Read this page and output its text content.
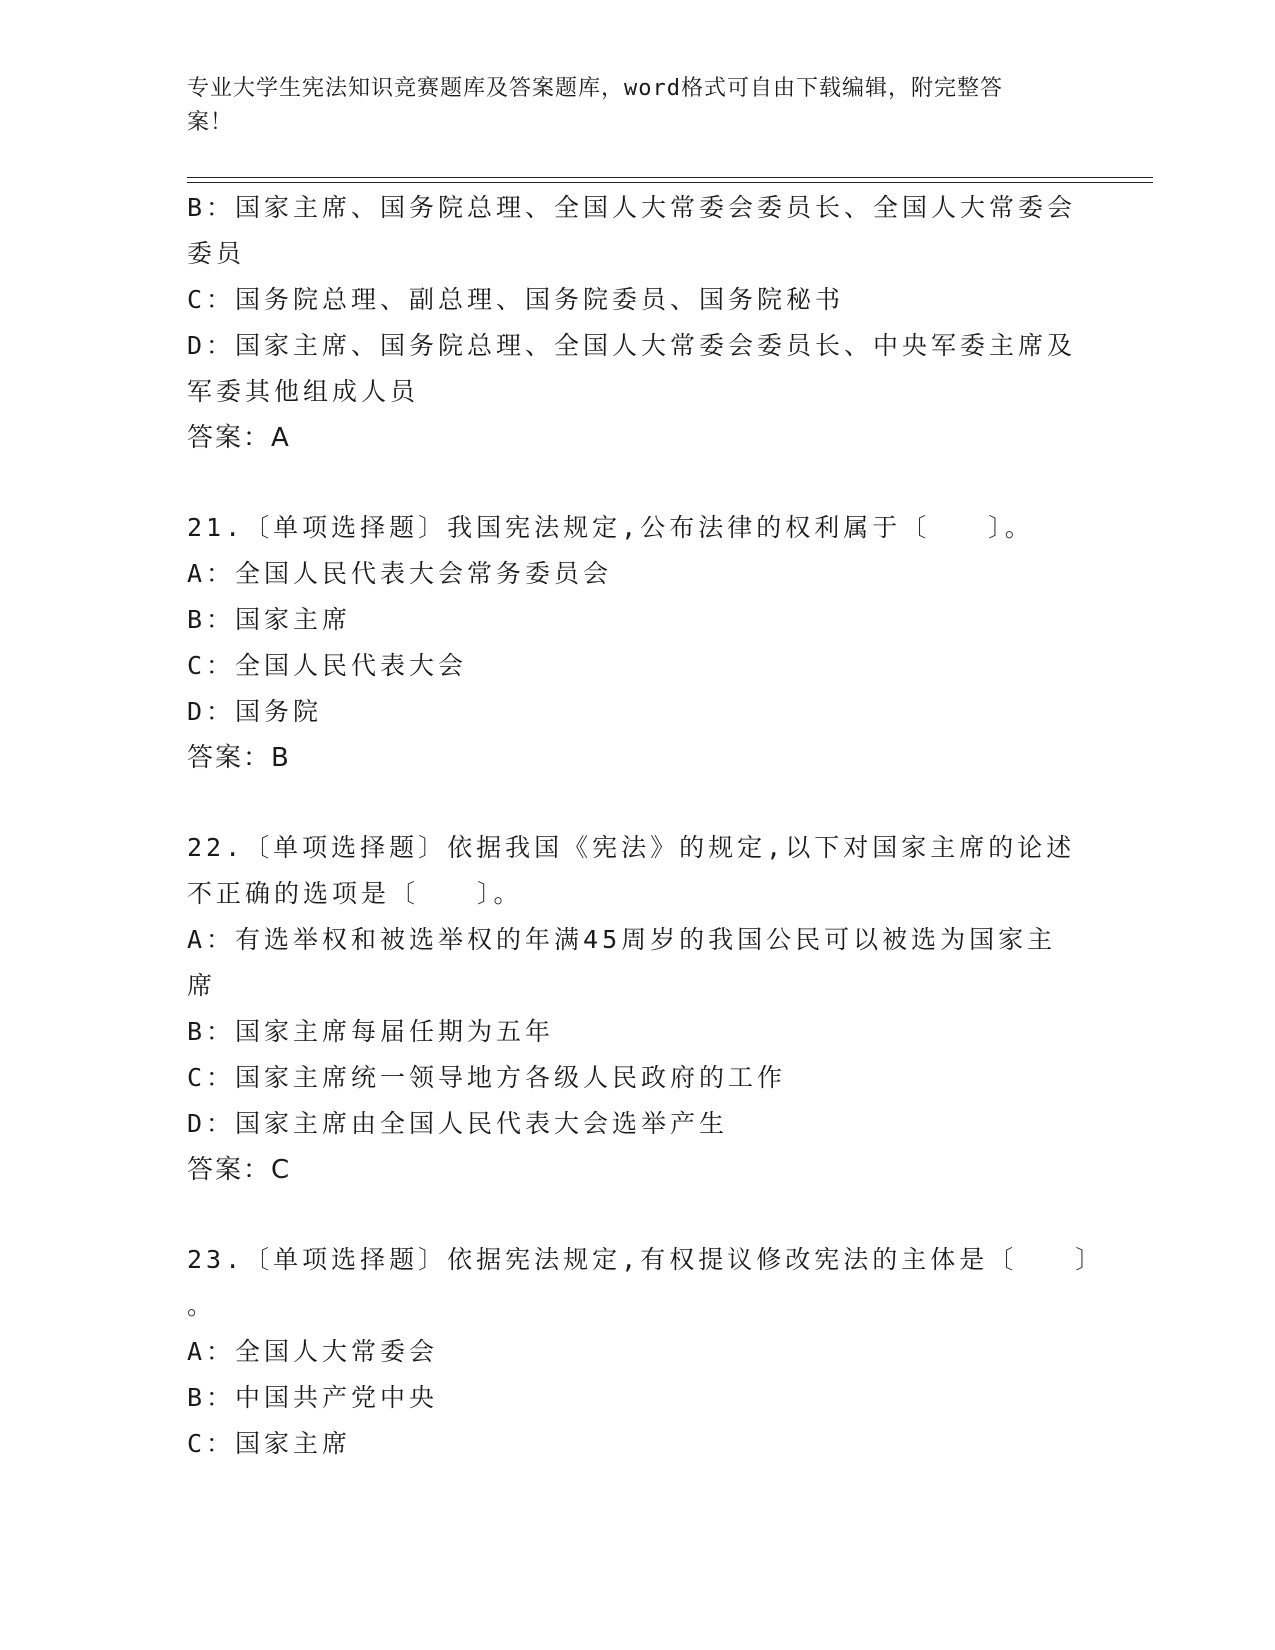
专业大学生宪法知识竞赛题库及答案题库，word格式可自由下载编辑，附完整答
案！
B：国家主席、国务院总理、全国人大常委会委员长、全国人大常委会
委员
C：国务院总理、副总理、国务院委员、国务院秘书
D：国家主席、国务院总理、全国人大常委会委员长、中央军委主席及
军委其他组成人员
答案：A
21.〔单项选择题〕我国宪法规定,公布法律的权利属于〔　　〕。
A：全国人民代表大会常务委员会
B：国家主席
C：全国人民代表大会
D：国务院
答案：B
22.〔单项选择题〕依据我国《宪法》的规定,以下对国家主席的论述
不正确的选项是〔　　〕。
A：有选举权和被选举权的年满45周岁的我国公民可以被选为国家主
席
B：国家主席每届任期为五年
C：国家主席统一领导地方各级人民政府的工作
D：国家主席由全国人民代表大会选举产生
答案：C
23.〔单项选择题〕依据宪法规定,有权提议修改宪法的主体是〔　　〕
。
A：全国人大常委会
B：中国共产党中央
C：国家主席
